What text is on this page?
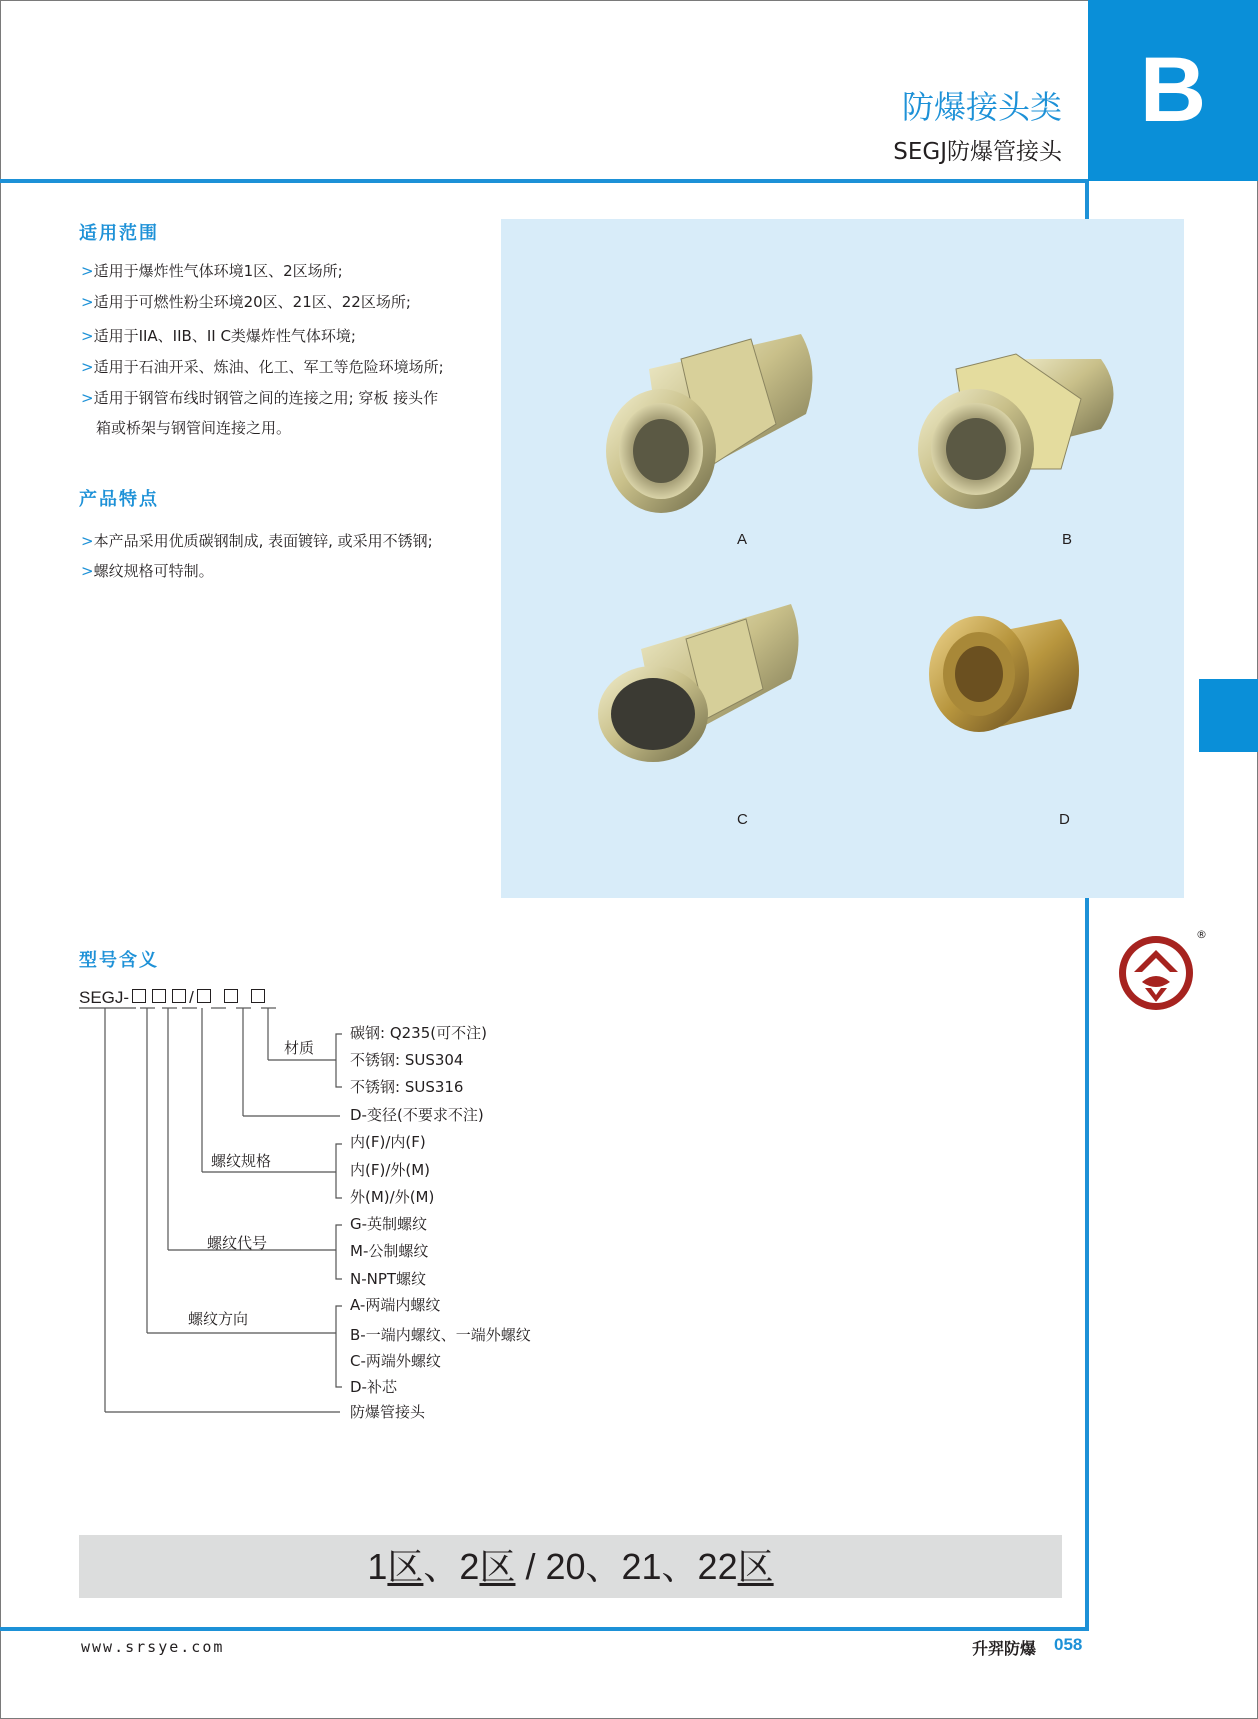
B
防爆接头类
SEGJ防爆管接头
适用范围
>适用于爆炸性气体环境1区、2区场所;
>适用于可燃性粉尘环境20区、21区、22区场所;
>适用于IIA、IIB、II C类爆炸性气体环境;
>适用于石油开采、炼油、化工、军工等危险环境场所;
>适用于钢管布线时钢管之间的连接之用; 穿板 接头作
箱或桥架与钢管间连接之用。
产品特点
>本产品采用优质碳钢制成, 表面镀锌, 或采用不锈钢;
>螺纹规格可特制。
A	B
C	D
®
型号含义
SEGJ-	/
材质
螺纹规格
螺纹代号
螺纹方向
碳钢: Q235(可不注)
不锈钢: SUS304
不锈钢: SUS316
D-变径(不要求不注)
内(F)/内(F)
内(F)/外(M)
外(M)/外(M)
G-英制螺纹
M-公制螺纹
N-NPT螺纹
A-两端内螺纹
B-一端内螺纹、一端外螺纹
C-两端外螺纹
D-补芯
防爆管接头
1区、2区 / 20、21、22区
www.srsye.com	升羿防爆 058
